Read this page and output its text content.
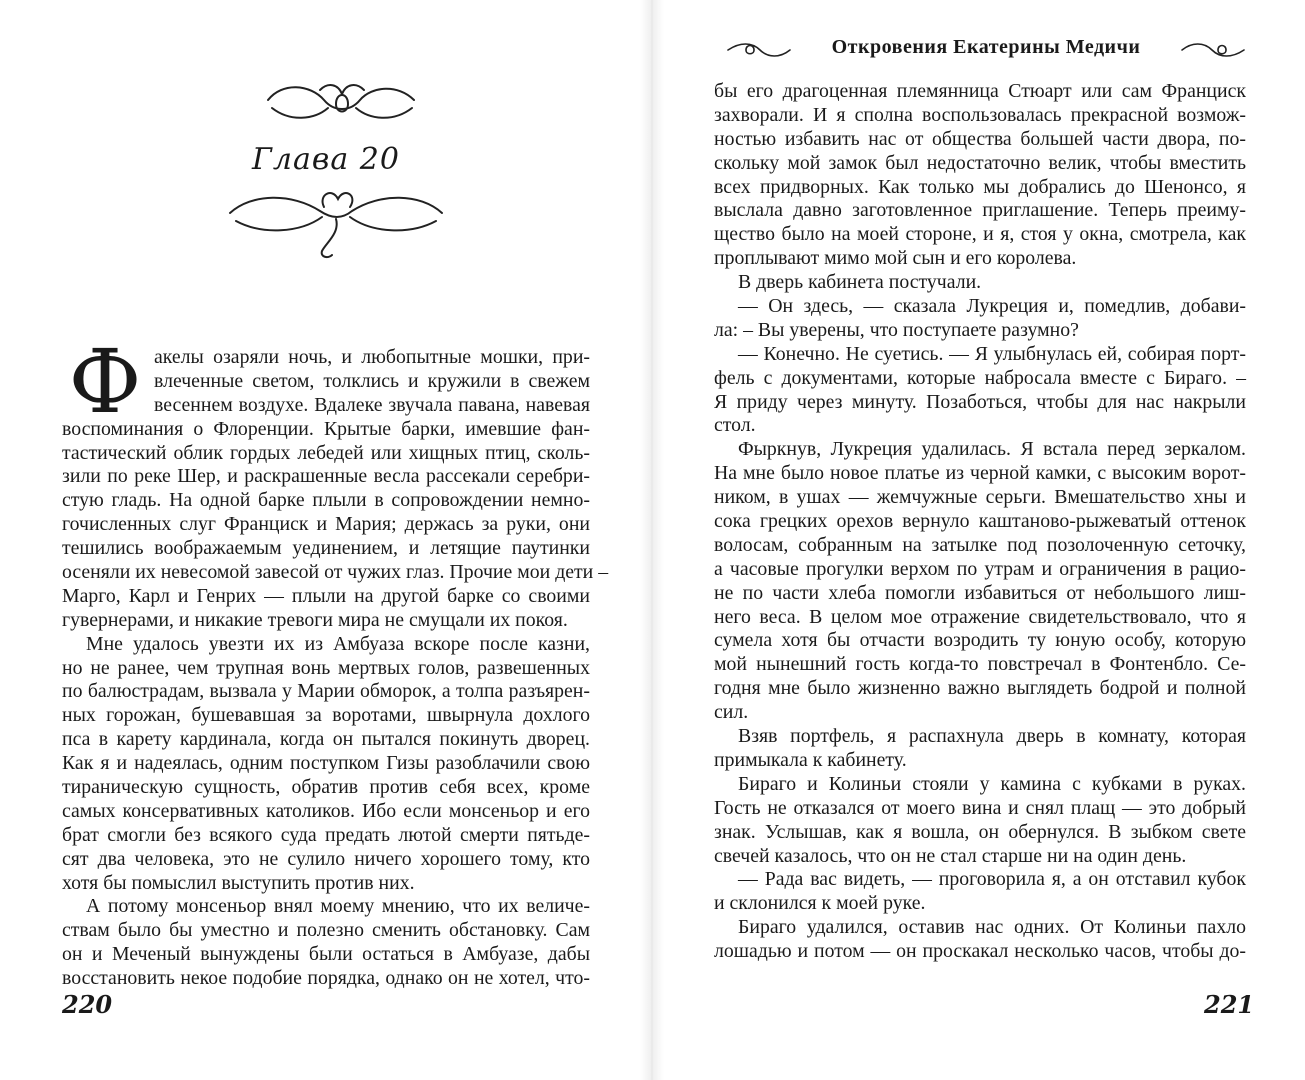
Глава 20
Ф акелы озаряли ночь, и любопытные мошки, при-
влеченные светом, толклись и кружили в свежем
весеннем воздухе. Вдалеке звучала павана, навевая
воспоминания о Флоренции. Крытые барки, имевшие фан-
тастический облик гордых лебедей или хищных птиц, сколь-
зили по реке Шер, и раскрашенные весла рассекали серебри-
стую гладь. На одной барке плыли в сопровождении немно-
гочисленных слуг Франциск и Мария; держась за руки, они
тешились воображаемым уединением, и летящие паутинки
осеняли их невесомой завесой от чужих глаз. Прочие мои дети –
Марго, Карл и Генрих — плыли на другой барке со своими
гувернерами, и никакие тревоги мира не смущали их покоя.
Мне удалось увезти их из Амбуаза вскоре после казни,
но не ранее, чем трупная вонь мертвых голов, развешенных
по балюстрадам, вызвала у Марии обморок, а толпа разъярен-
ных горожан, бушевавшая за воротами, швырнула дохлого
пса в карету кардинала, когда он пытался покинуть дворец.
Как я и надеялась, одним поступком Гизы разоблачили свою
тираническую сущность, обратив против себя всех, кроме
самых консервативных католиков. Ибо если монсеньор и его
брат смогли без всякого суда предать лютой смерти пятьде-
сят два человека, это не сулило ничего хорошего тому, кто
хотя бы помыслил выступить против них.
А потому монсеньор внял моему мнению, что их величе-
ствам было бы уместно и полезно сменить обстановку. Сам
он и Меченый вынуждены были остаться в Амбуазе, дабы
восстановить некое подобие порядка, однако он не хотел, что-
220
Откровения Екатерины Медичи
бы его драгоценная племянница Стюарт или сам Франциск
захворали. И я сполна воспользовалась прекрасной возмож-
ностью избавить нас от общества большей части двора, по-
скольку мой замок был недостаточно велик, чтобы вместить
всех придворных. Как только мы добрались до Шенонсо, я
выслала давно заготовленное приглашение. Теперь преиму-
щество было на моей стороне, и я, стоя у окна, смотрела, как
проплывают мимо мой сын и его королева.
В дверь кабинета постучали.
— Он здесь, — сказала Лукреция и, помедлив, добави-
ла: – Вы уверены, что поступаете разумно?
— Конечно. Не суетись. — Я улыбнулась ей, собирая порт-
фель с документами, которые набросала вместе с Бираго. –
Я приду через минуту. Позаботься, чтобы для нас накрыли
стол.
Фыркнув, Лукреция удалилась. Я встала перед зеркалом.
На мне было новое платье из черной камки, с высоким ворот-
ником, в ушах — жемчужные серьги. Вмешательство хны и
сока грецких орехов вернуло каштаново-рыжеватый оттенок
волосам, собранным на затылке под позолоченную сеточку,
а часовые прогулки верхом по утрам и ограничения в рацио-
не по части хлеба помогли избавиться от небольшого лиш-
него веса. В целом мое отражение свидетельствовало, что я
сумела хотя бы отчасти возродить ту юную особу, которую
мой нынешний гость когда-то повстречал в Фонтенбло. Се-
годня мне было жизненно важно выглядеть бодрой и полной
сил.
Взяв портфель, я распахнула дверь в комнату, которая
примыкала к кабинету.
Бираго и Колиньи стояли у камина с кубками в руках.
Гость не отказался от моего вина и снял плащ — это добрый
знак. Услышав, как я вошла, он обернулся. В зыбком свете
свечей казалось, что он не стал старше ни на один день.
— Рада вас видеть, — проговорила я, а он отставил кубок
и склонился к моей руке.
Бираго удалился, оставив нас одних. От Колиньи пахло
лошадью и потом — он проскакал несколько часов, чтобы до-
221
